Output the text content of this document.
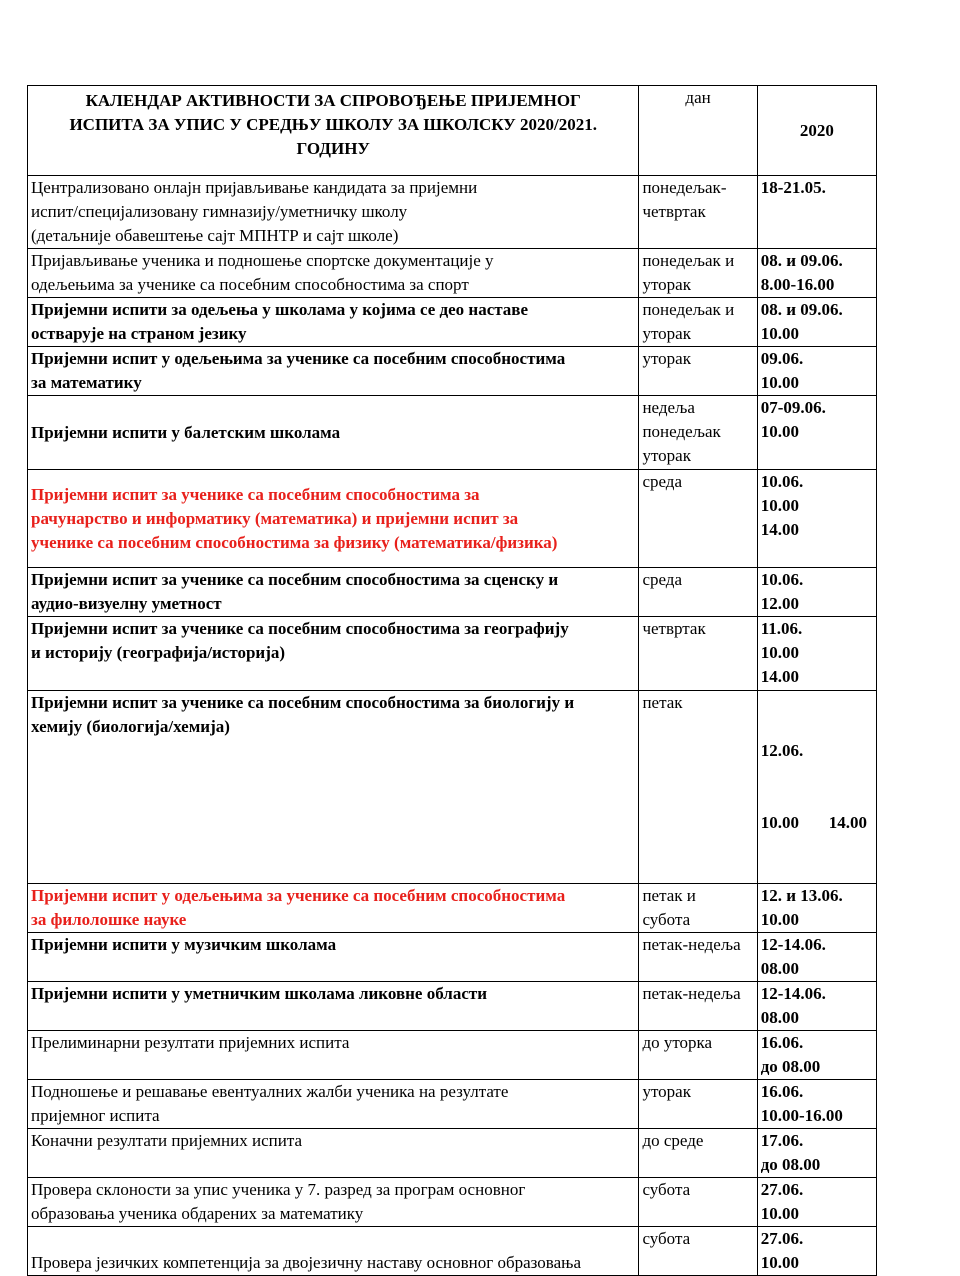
КАЛЕНДАР АКТИВНОСТИ ЗА СПРОВОЂЕЊЕ ПРИЈЕМНОГ
ИСПИТА ЗА УПИС У СРЕДЊУ ШКОЛУ ЗА ШКОЛСКУ 2020/2021.
ГОДИНУ	дан	2020

Централизовано онлајн пријављивање кандидата за пријемни
испит/специјализовану гимназију/уметничку школу
(детаљније обавештење сајт МПНТР и сајт школе)	понедељак-
четвртак	18-21.05.

Пријављивање ученика и подношење спортске документације у
одељењима за ученике са посебним способностима за спорт	понедељак и
уторак	08. и 09.06.
8.00-16.00

Пријемни испити за одељења у школама у којима се део наставе
остварује на страном језику	понедељак и
уторак	08. и 09.06.
10.00

Пријемни испит у одељењима за ученике са посебним способностима
за математику	уторак	09.06.
10.00

Пријемни испити у балетским школама	недеља
понедељак
уторак	07-09.06.
10.00

Пријемни испит за ученике са посебним способностима за
рачунарство и информатику (математика) и пријемни испит за
ученике са посебним способностима за физику (математика/физика)	среда	10.06.
10.00
14.00

Пријемни испит за ученике са посебним способностима за сценску и
аудио-визуелну уметност	среда	10.06.
12.00

Пријемни испит за ученике са посебним способностима за географију
и историју (географија/историја)	четвртак	11.06.
10.00
14.00

Пријемни испит за ученике са посебним способностима за биологију и
хемију (биологија/хемија)	петак	12.06.

10.00       14.00

Пријемни испит у одељењима за ученике са посебним способностима
за филолошке науке	петак и
субота	12. и 13.06.
10.00

Пријемни испити у музичким школама	петак-недеља	12-14.06.
08.00

Пријемни испити у уметничким школама ликовне области	петак-недеља	12-14.06.
08.00

Прелиминарни резултати пријемних испита	до уторка	16.06.
до 08.00

Подношење и решавање евентуалних жалби ученика на резултате
пријемног испита	уторак	16.06.
10.00-16.00

Коначни резултати пријемних испита	до среде	17.06.
до 08.00

Провера склоности за упис ученика у 7. разред за програм основног
образовања ученика обдарених за математику	субота	27.06.
10.00

Провера језичких компетенција за двојезичну наставу основног образовања	субота	27.06.
10.00
